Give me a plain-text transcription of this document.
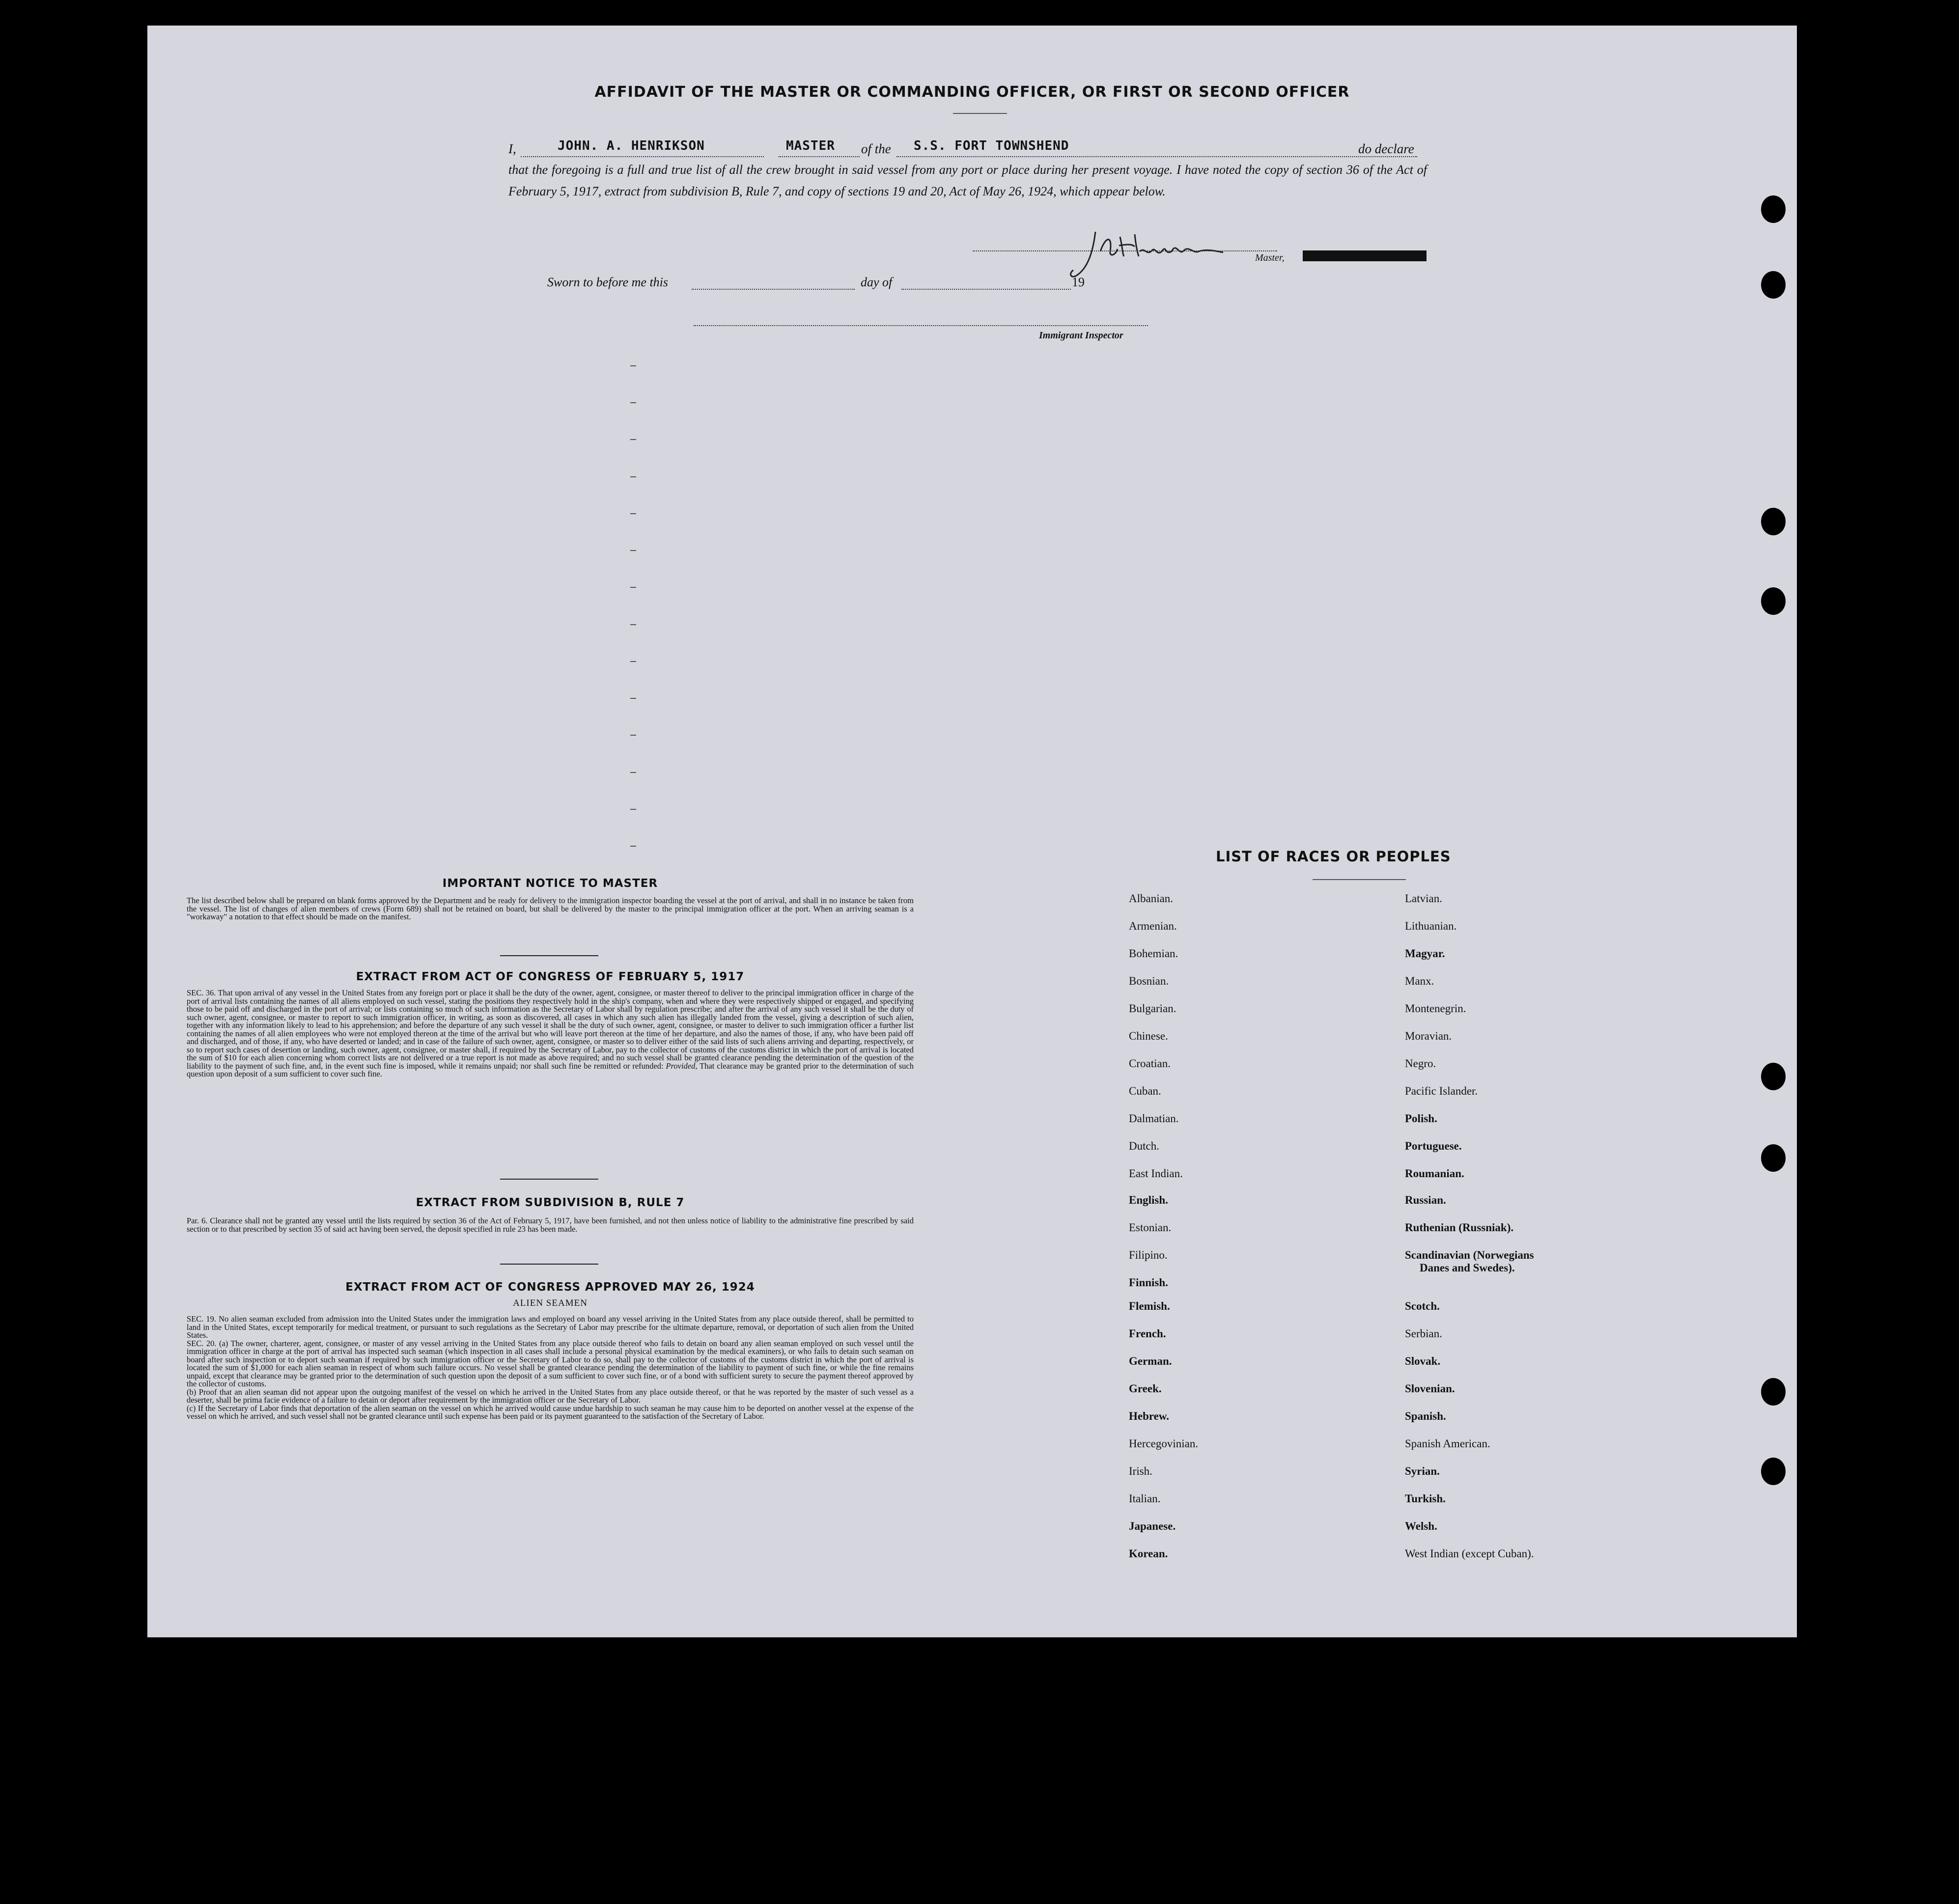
AFFIDAVIT OF THE MASTER OR COMMANDING OFFICER, OR FIRST OR SECOND OFFICER
I,	JOHN. A. HENRIKSON	MASTER of the S.S. FORT TOWNSHEND	do declare
that the foregoing is a full and true list of all the crew brought in said vessel from any port or place during her present voyage. I have noted the copy of section 36 of the Act of February 5, 1917, extract from subdivision B, Rule 7, and copy of sections 19 and 20, Act of May 26, 1924, which appear below.
Master,
Sworn to before me this	day of	19
Immigrant Inspector
IMPORTANT NOTICE TO MASTER
The list described below shall be prepared on blank forms approved by the Department and be ready for delivery to the immigration inspector boarding the vessel at the port of arrival, and shall in no instance be taken from the vessel. The list of changes of alien members of crews (Form 689) shall not be retained on board, but shall be delivered by the master to the principal immigration officer at the port. When an arriving seaman is a "workaway" a notation to that effect should be made on the manifest.
EXTRACT FROM ACT OF CONGRESS OF FEBRUARY 5, 1917
SEC. 36. That upon arrival of any vessel in the United States from any foreign port or place it shall be the duty of the owner, agent, consignee, or master thereof to deliver to the principal immigration officer in charge of the port of arrival lists containing the names of all aliens employed on such vessel, stating the positions they respectively hold in the ship's company, when and where they were respectively shipped or engaged, and specifying those to be paid off and discharged in the port of arrival; or lists containing so much of such information as the Secretary of Labor shall by regulation prescribe; and after the arrival of any such vessel it shall be the duty of such owner, agent, consignee, or master to report to such immigration officer, in writing, as soon as discovered, all cases in which any such alien has illegally landed from the vessel, giving a description of such alien, together with any information likely to lead to his apprehension; and before the departure of any such vessel it shall be the duty of such owner, agent, consignee, or master to deliver to such immigration officer a further list containing the names of all alien employees who were not employed thereon at the time of the arrival but who will leave port thereon at the time of her departure, and also the names of those, if any, who have been paid off and discharged, and of those, if any, who have deserted or landed; and in case of the failure of such owner, agent, consignee, or master so to deliver either of the said lists of such aliens arriving and departing, respectively, or so to report such cases of desertion or landing, such owner, agent, consignee, or master shall, if required by the Secretary of Labor, pay to the collector of customs of the customs district in which the port of arrival is located the sum of $10 for each alien concerning whom correct lists are not delivered or a true report is not made as above required; and no such vessel shall be granted clearance pending the determination of the question of the liability to the payment of such fine, and, in the event such fine is imposed, while it remains unpaid; nor shall such fine be remitted or refunded: Provided, That clearance may be granted prior to the determination of such question upon deposit of a sum sufficient to cover such fine.
EXTRACT FROM SUBDIVISION B, RULE 7
Par. 6. Clearance shall not be granted any vessel until the lists required by section 36 of the Act of February 5, 1917, have been furnished, and not then unless notice of liability to the administrative fine prescribed by said section or to that prescribed by section 35 of said act having been served, the deposit specified in rule 23 has been made.
EXTRACT FROM ACT OF CONGRESS APPROVED MAY 26, 1924
ALIEN SEAMEN
SEC. 19. No alien seaman excluded from admission into the United States under the immigration laws and employed on board any vessel arriving in the United States from any place outside thereof, shall be permitted to land in the United States, except temporarily for medical treatment, or pursuant to such regulations as the Secretary of Labor may prescribe for the ultimate departure, removal, or deportation of such alien from the United States.
SEC. 20. (a) The owner, charterer, agent, consignee, or master of any vessel arriving in the United States from any place outside thereof who fails to detain on board any alien seaman employed on such vessel until the immigration officer in charge at the port of arrival has inspected such seaman (which inspection in all cases shall include a personal physical examination by the medical examiners), or who fails to detain such seaman on board after such inspection or to deport such seaman if required by such immigration officer or the Secretary of Labor to do so, shall pay to the collector of customs of the customs district in which the port of arrival is located the sum of $1,000 for each alien seaman in respect of whom such failure occurs. No vessel shall be granted clearance pending the determination of the liability to payment of such fine, or while the fine remains unpaid, except that clearance may be granted prior to the determination of such question upon the deposit of a sum sufficient to cover such fine, or of a bond with sufficient surety to secure the payment thereof approved by the collector of customs.
(b) Proof that an alien seaman did not appear upon the outgoing manifest of the vessel on which he arrived in the United States from any place outside thereof, or that he was reported by the master of such vessel as a deserter, shall be prima facie evidence of a failure to detain or deport after requirement by the immigration officer or the Secretary of Labor.
(c) If the Secretary of Labor finds that deportation of the alien seaman on the vessel on which he arrived would cause undue hardship to such seaman he may cause him to be deported on another vessel at the expense of the vessel on which he arrived, and such vessel shall not be granted clearance until such expense has been paid or its payment guaranteed to the satisfaction of the Secretary of Labor.
LIST OF RACES OR PEOPLES
Albanian.
Armenian.
Bohemian.
Bosnian.
Bulgarian.
Chinese.
Croatian.
Cuban.
Dalmatian.
Dutch.
East Indian.
English.
Estonian.
Filipino.
Finnish.
Flemish.
French.
German.
Greek.
Hebrew.
Hercegovinian.
Irish.
Italian.
Japanese.
Korean.
Latvian.
Lithuanian.
Magyar.
Manx.
Montenegrin.
Moravian.
Negro.
Pacific Islander.
Polish.
Portuguese.
Roumanian.
Russian.
Ruthenian (Russniak).
Scandinavian (Norwegians
Danes and Swedes).
Scotch.
Serbian.
Slovak.
Slovenian.
Spanish.
Spanish American.
Syrian.
Turkish.
Welsh.
West Indian (except Cuban).
